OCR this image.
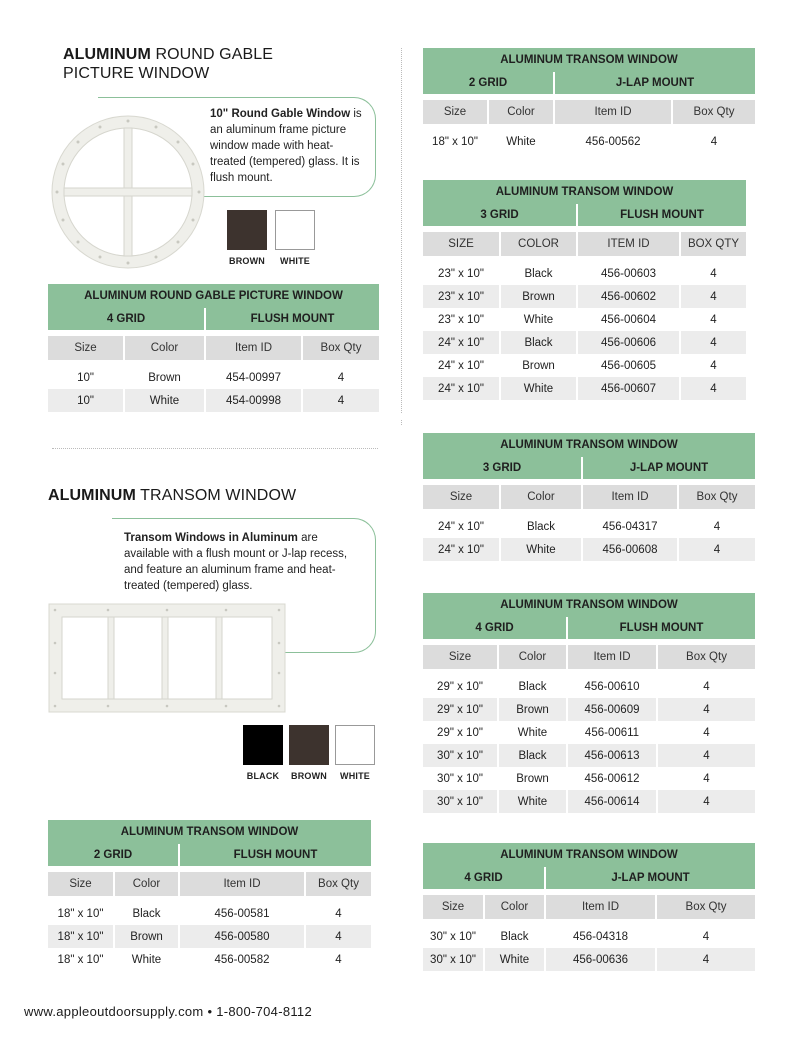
ALUMINUM ROUND GABLE
PICTURE WINDOW
10" Round Gable Window is an aluminum frame picture window made with heat-treated (tempered) glass. It is flush mount.
BROWN WHITE
ALUMINUM ROUND GABLE PICTURE WINDOW			
4 GRID		FLUSH MOUNT	

Size	Color	Item ID	Box Qty
10"	Brown	454-00997	4
10"	White	454-00998	4
ALUMINUM TRANSOM WINDOW
Transom Windows in Aluminum are available with a flush mount or J-lap recess, and feature an aluminum frame and heat-treated (tempered) glass.
BLACK BROWN WHITE
ALUMINUM TRANSOM WINDOW			
2 GRID		FLUSH MOUNT	

Size	Color	Item ID	Box Qty
18" x 10"	Black	456-00581	4
18" x 10"	Brown	456-00580	4
18" x 10"	White	456-00582	4
ALUMINUM TRANSOM WINDOW			
2 GRID		J-LAP MOUNT	

Size	Color	Item ID	Box Qty
18" x 10"	White	456-00562	4
ALUMINUM TRANSOM WINDOW			
3 GRID		FLUSH MOUNT	

SIZE	COLOR	ITEM ID	BOX QTY
23" x 10"	Black	456-00603	4
23" x 10"	Brown	456-00602	4
23" x 10"	White	456-00604	4
24" x 10"	Black	456-00606	4
24" x 10"	Brown	456-00605	4
24" x 10"	White	456-00607	4
ALUMINUM TRANSOM WINDOW			
3 GRID		J-LAP MOUNT	

Size	Color	Item ID	Box Qty
24" x 10"	Black	456-04317	4
24" x 10"	White	456-00608	4
ALUMINUM TRANSOM WINDOW			
4 GRID		FLUSH MOUNT	

Size	Color	Item ID	Box Qty
29" x 10"	Black	456-00610	4
29" x 10"	Brown	456-00609	4
29" x 10"	White	456-00611	4
30" x 10"	Black	456-00613	4
30" x 10"	Brown	456-00612	4
30" x 10"	White	456-00614	4
ALUMINUM TRANSOM WINDOW			
4 GRID		J-LAP MOUNT	

Size	Color	Item ID	Box Qty
30" x 10"	Black	456-04318	4
30" x 10"	White	456-00636	4
www.appleoutdoorsupply.com • 1-800-704-8112
